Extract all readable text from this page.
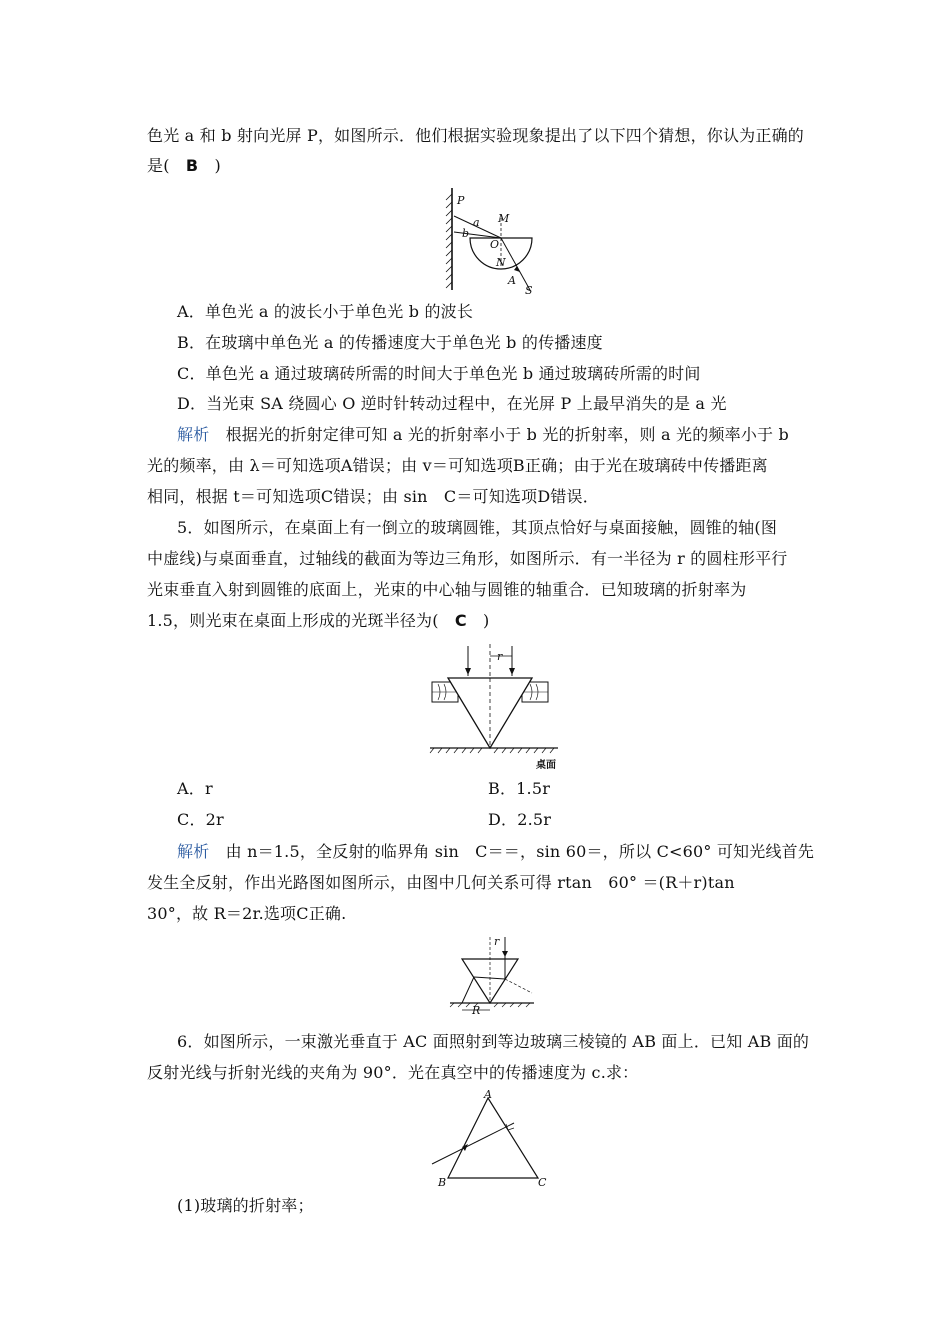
色光 a 和 b 射向光屏 P，如图所示．他们根据实验现象提出了以下四个猜想，你认为正确的
是(　B　)
P
a
b
M
O
N
A
S
A．单色光 a 的波长小于单色光 b 的波长
B．在玻璃中单色光 a 的传播速度大于单色光 b 的传播速度
C．单色光 a 通过玻璃砖所需的时间大于单色光 b 通过玻璃砖所需的时间
D．当光束 SA 绕圆心 O 逆时针转动过程中，在光屏 P 上最早消失的是 a 光
解析　根据光的折射定律可知 a 光的折射率小于 b 光的折射率，则 a 光的频率小于 b
光的频率，由 λ＝可知选项A错误；由 v＝可知选项B正确；由于光在玻璃砖中传播距离
相同，根据 t＝可知选项C错误；由 sin　C＝可知选项D错误．
5．如图所示，在桌面上有一倒立的玻璃圆锥，其顶点恰好与桌面接触，圆锥的轴(图
中虚线)与桌面垂直，过轴线的截面为等边三角形，如图所示．有一半径为 r 的圆柱形平行
光束垂直入射到圆锥的底面上，光束的中心轴与圆锥的轴重合．已知玻璃的折射率为
1.5，则光束在桌面上形成的光斑半径为(　C　)
r
桌面
A．r	B．1.5r
C．2r	D．2.5r
解析　由 n＝1.5，全反射的临界角 sin　C＝＝，sin 60＝，所以 C<60° 可知光线首先
发生全反射，作出光路图如图所示，由图中几何关系可得 rtan　60° ＝(R＋r)tan
30°，故 R＝2r.选项C正确.
r
R
6．如图所示，一束激光垂直于 AC 面照射到等边玻璃三棱镜的 AB 面上．已知 AB 面的
反射光线与折射光线的夹角为 90°．光在真空中的传播速度为 c.求：
A
B	C
(1)玻璃的折射率；
